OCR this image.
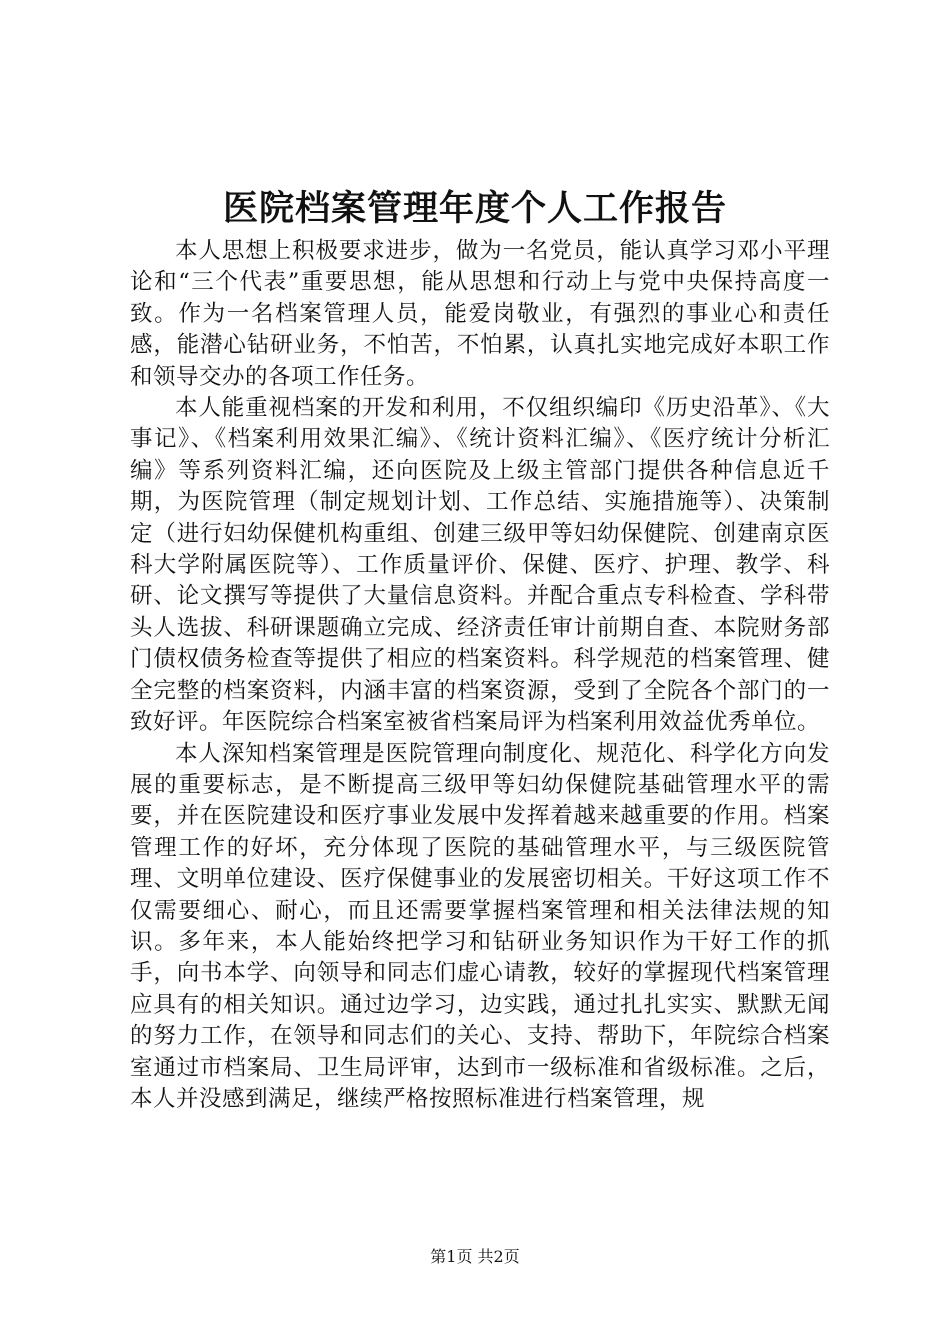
医院档案管理年度个人工作报告

本人思想上积极要求进步，做为一名党员，能认真学习邓小平理论和“三个代表”重要思想，能从思想和行动上与党中央保持高度一致。作为一名档案管理人员，能爱岗敬业，有强烈的事业心和责任感，能潜心钻研业务，不怕苦，不怕累，认真扎实地完成好本职工作和领导交办的各项工作任务。

本人能重视档案的开发和利用，不仅组织编印《历史沿革》、《大事记》、《档案利用效果汇编》、《统计资料汇编》、《医疗统计分析汇编》等系列资料汇编，还向医院及上级主管部门提供各种信息近千期，为医院管理（制定规划计划、工作总结、实施措施等）、决策制定（进行妇幼保健机构重组、创建三级甲等妇幼保健院、创建南京医科大学附属医院等）、工作质量评价、保健、医疗、护理、教学、科研、论文撰写等提供了大量信息资料。并配合重点专科检查、学科带头人选拔、科研课题确立完成、经济责任审计前期自查、本院财务部门债权债务检查等提供了相应的档案资料。科学规范的档案管理、健全完整的档案资料，内涵丰富的档案资源，受到了全院各个部门的一致好评。年医院综合档案室被省档案局评为档案利用效益优秀单位。

本人深知档案管理是医院管理向制度化、规范化、科学化方向发展的重要标志，是不断提高三级甲等妇幼保健院基础管理水平的需要，并在医院建设和医疗事业发展中发挥着越来越重要的作用。档案管理工作的好坏，充分体现了医院的基础管理水平，与三级医院管理、文明单位建设、医疗保健事业的发展密切相关。干好这项工作不仅需要细心、耐心，而且还需要掌握档案管理和相关法律法规的知识。多年来，本人能始终把学习和钻研业务知识作为干好工作的抓手，向书本学、向领导和同志们虚心请教，较好的掌握现代档案管理应具有的相关知识。通过边学习，边实践，通过扎扎实实、默默无闻的努力工作，在领导和同志们的关心、支持、帮助下，年院综合档案室通过市档案局、卫生局评审，达到市一级标准和省级标准。之后，本人并没感到满足，继续严格按照标准进行档案管理，规

第1页 共2页
